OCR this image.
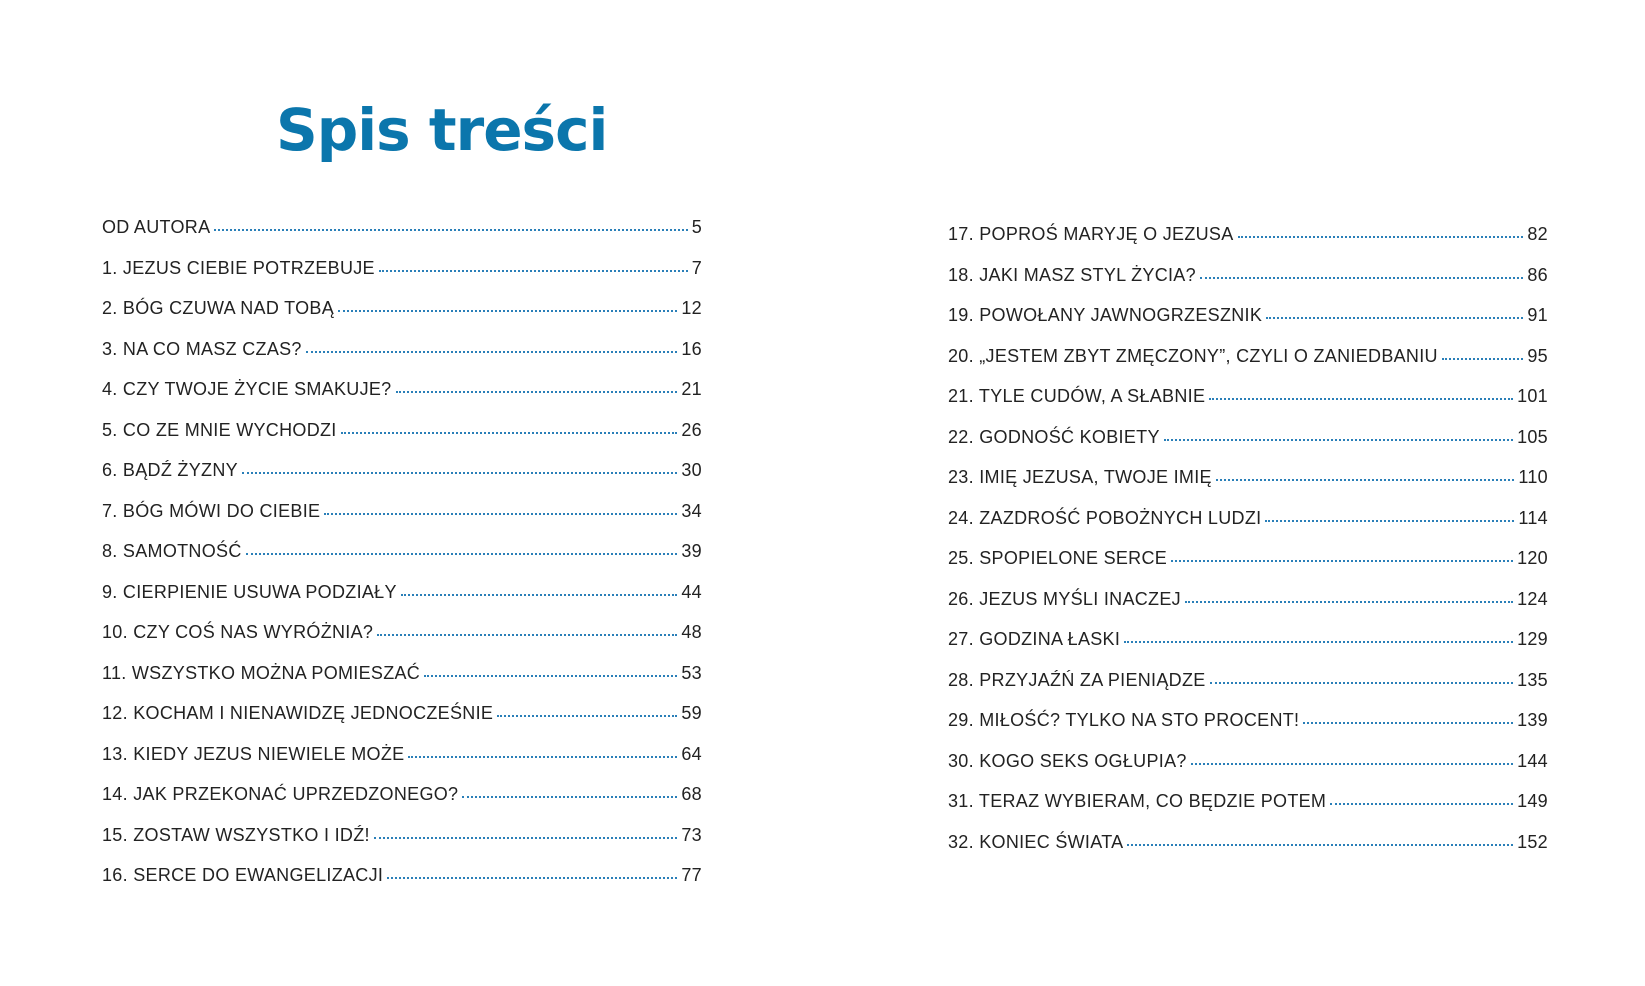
Spis treści
OD AUTORA	5
1. JEZUS CIEBIE POTRZEBUJE	7
2. BÓG CZUWA NAD TOBĄ	12
3. NA CO MASZ CZAS?	16
4. CZY TWOJE ŻYCIE SMAKUJE?	21
5. CO ZE MNIE WYCHODZI	26
6. BĄDŹ ŻYZNY	30
7. BÓG MÓWI DO CIEBIE	34
8. SAMOTNOŚĆ	39
9. CIERPIENIE USUWA PODZIAŁY	44
10. CZY COŚ NAS WYRÓŻNIA?	48
11. WSZYSTKO MOŻNA POMIESZAĆ	53
12. KOCHAM I NIENAWIDZĘ JEDNOCZEŚNIE	59
13. KIEDY JEZUS NIEWIELE MOŻE	64
14. JAK PRZEKONAĆ UPRZEDZONEGO?	68
15. ZOSTAW WSZYSTKO I IDŹ!	73
16. SERCE DO EWANGELIZACJI	77
17. POPROŚ MARYJĘ O JEZUSA	82
18. JAKI MASZ STYL ŻYCIA?	86
19. POWOŁANY JAWNOGRZESZNIK	91
20. „JESTEM ZBYT ZMĘCZONY”, CZYLI O ZANIEDBANIU	95
21. TYLE CUDÓW, A SŁABNIE	101
22. GODNOŚĆ KOBIETY	105
23. IMIĘ JEZUSA, TWOJE IMIĘ	110
24. ZAZDROŚĆ POBOŻNYCH LUDZI	114
25. SPOPIELONE SERCE	120
26. JEZUS MYŚLI INACZEJ	124
27. GODZINA ŁASKI	129
28. PRZYJAŹŃ ZA PIENIĄDZE	135
29. MIŁOŚĆ? TYLKO NA STO PROCENT!	139
30. KOGO SEKS OGŁUPIA?	144
31. TERAZ WYBIERAM, CO BĘDZIE POTEM	149
32. KONIEC ŚWIATA	152
